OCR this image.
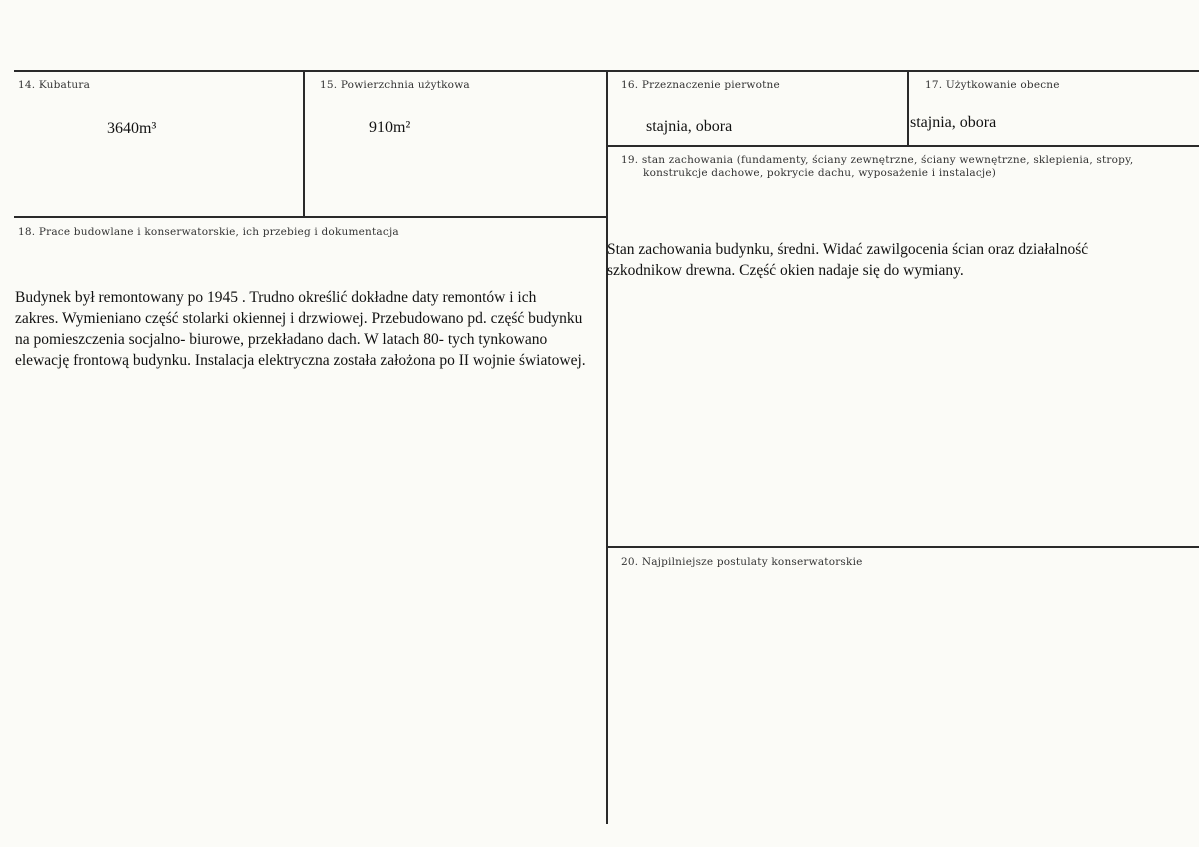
14. Kubatura
3640m³
15. Powierzchnia użytkowa
910m²
16. Przeznaczenie pierwotne
stajnia, obora
17. Użytkowanie obecne
stajnia, obora
19. stan zachowania (fundamenty, ściany zewnętrzne, ściany wewnętrzne, sklepienia, stropy,
konstrukcje dachowe, pokrycie dachu, wyposażenie i instalacje)
Stan zachowania budynku, średni. Widać zawilgocenia ścian oraz działalność
szkodnikow drewna. Część okien nadaje się do wymiany.
18. Prace budowlane i konserwatorskie, ich przebieg i dokumentacja
Budynek był remontowany po 1945 . Trudno określić dokładne daty remontów i ich
zakres. Wymieniano część stolarki okiennej i drzwiowej. Przebudowano pd. część budynku
na pomieszczenia socjalno- biurowe, przekładano dach. W latach 80- tych tynkowano
elewację frontową budynku. Instalacja elektryczna została założona po II wojnie światowej.
20. Najpilniejsze postulaty konserwatorskie
